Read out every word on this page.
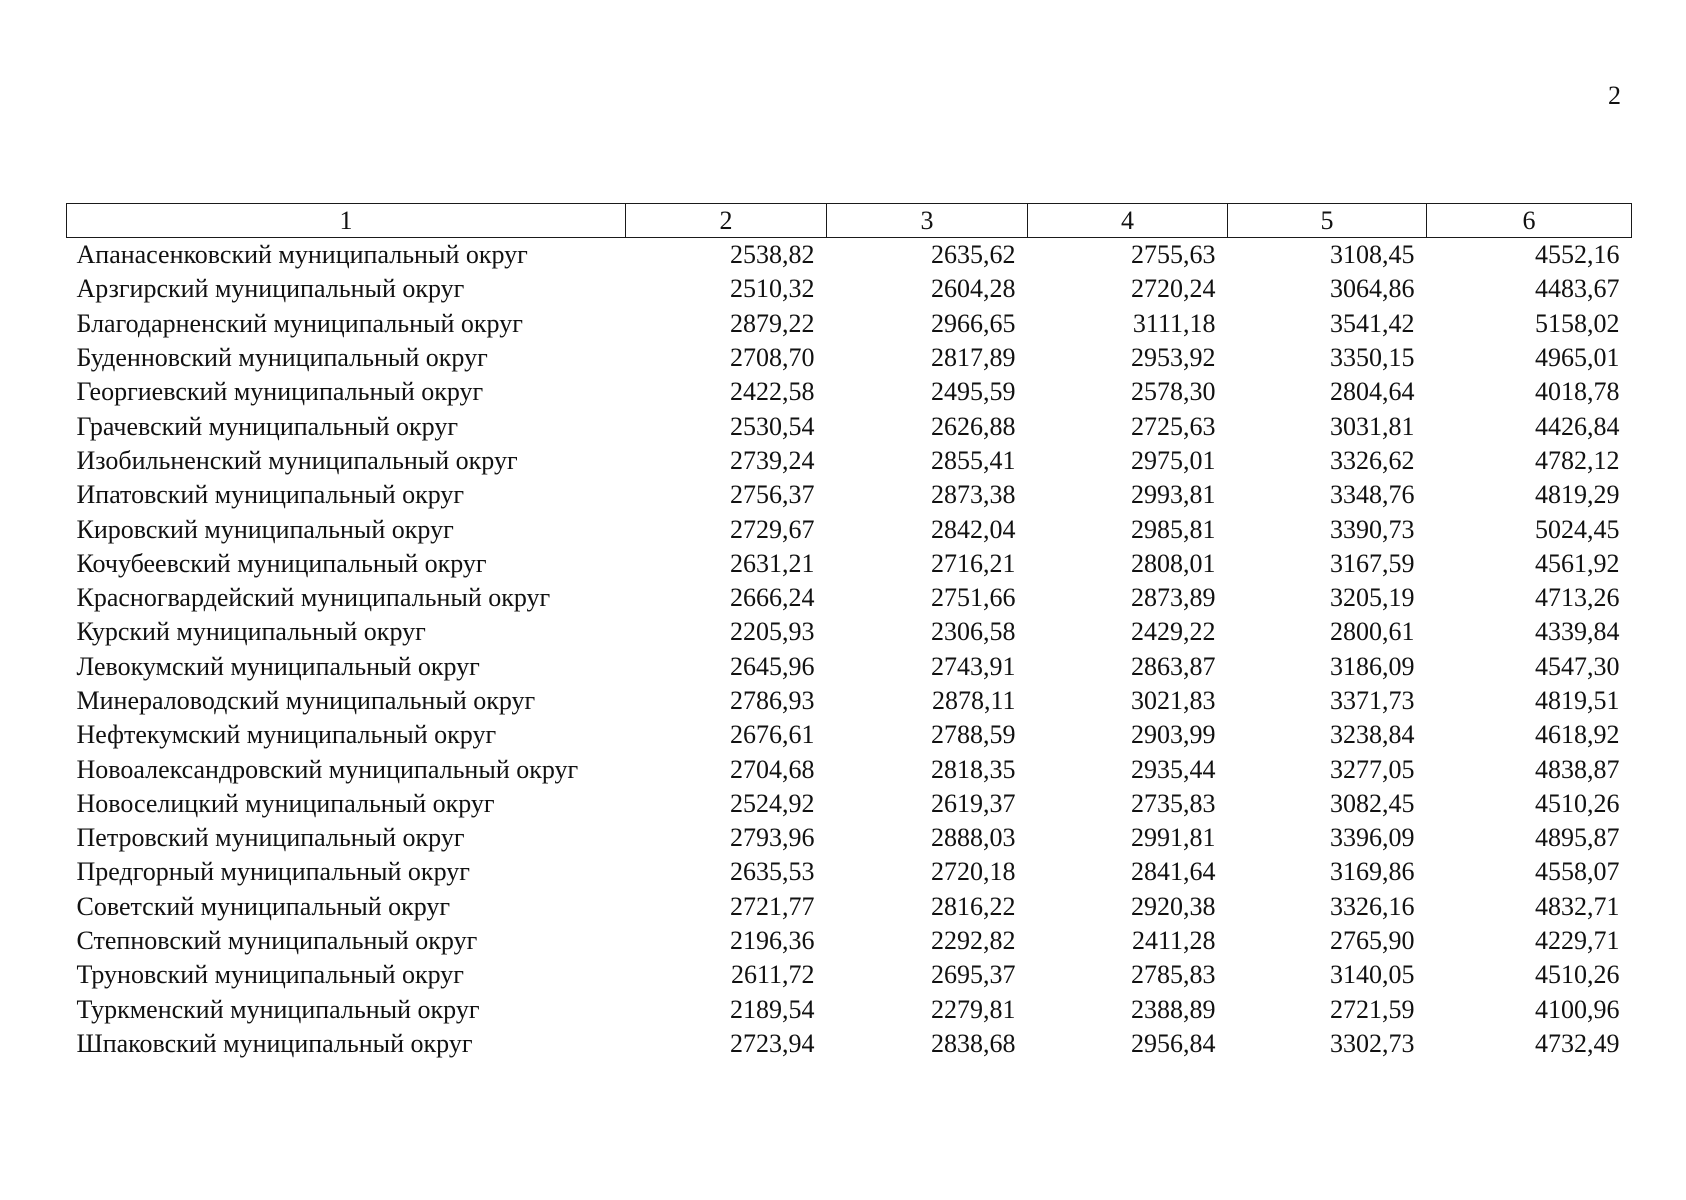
2
1	2	3	4	5	6
Апанасенковский муниципальный округ	2538,82	2635,62	2755,63	3108,45	4552,16
Арзгирский муниципальный округ	2510,32	2604,28	2720,24	3064,86	4483,67
Благодарненский муниципальный округ	2879,22	2966,65	3111,18	3541,42	5158,02
Буденновский муниципальный округ	2708,70	2817,89	2953,92	3350,15	4965,01
Георгиевский муниципальный округ	2422,58	2495,59	2578,30	2804,64	4018,78
Грачевский муниципальный округ	2530,54	2626,88	2725,63	3031,81	4426,84
Изобильненский муниципальный округ	2739,24	2855,41	2975,01	3326,62	4782,12
Ипатовский муниципальный округ	2756,37	2873,38	2993,81	3348,76	4819,29
Кировский муниципальный округ	2729,67	2842,04	2985,81	3390,73	5024,45
Кочубеевский муниципальный округ	2631,21	2716,21	2808,01	3167,59	4561,92
Красногвардейский муниципальный округ	2666,24	2751,66	2873,89	3205,19	4713,26
Курский муниципальный округ	2205,93	2306,58	2429,22	2800,61	4339,84
Левокумский муниципальный округ	2645,96	2743,91	2863,87	3186,09	4547,30
Минераловодский муниципальный округ	2786,93	2878,11	3021,83	3371,73	4819,51
Нефтекумский муниципальный округ	2676,61	2788,59	2903,99	3238,84	4618,92
Новоалександровский муниципальный округ	2704,68	2818,35	2935,44	3277,05	4838,87
Новоселицкий муниципальный округ	2524,92	2619,37	2735,83	3082,45	4510,26
Петровский муниципальный округ	2793,96	2888,03	2991,81	3396,09	4895,87
Предгорный муниципальный округ	2635,53	2720,18	2841,64	3169,86	4558,07
Советский муниципальный округ	2721,77	2816,22	2920,38	3326,16	4832,71
Степновский муниципальный округ	2196,36	2292,82	2411,28	2765,90	4229,71
Труновский муниципальный округ	2611,72	2695,37	2785,83	3140,05	4510,26
Туркменский муниципальный округ	2189,54	2279,81	2388,89	2721,59	4100,96
Шпаковский муниципальный округ	2723,94	2838,68	2956,84	3302,73	4732,49
